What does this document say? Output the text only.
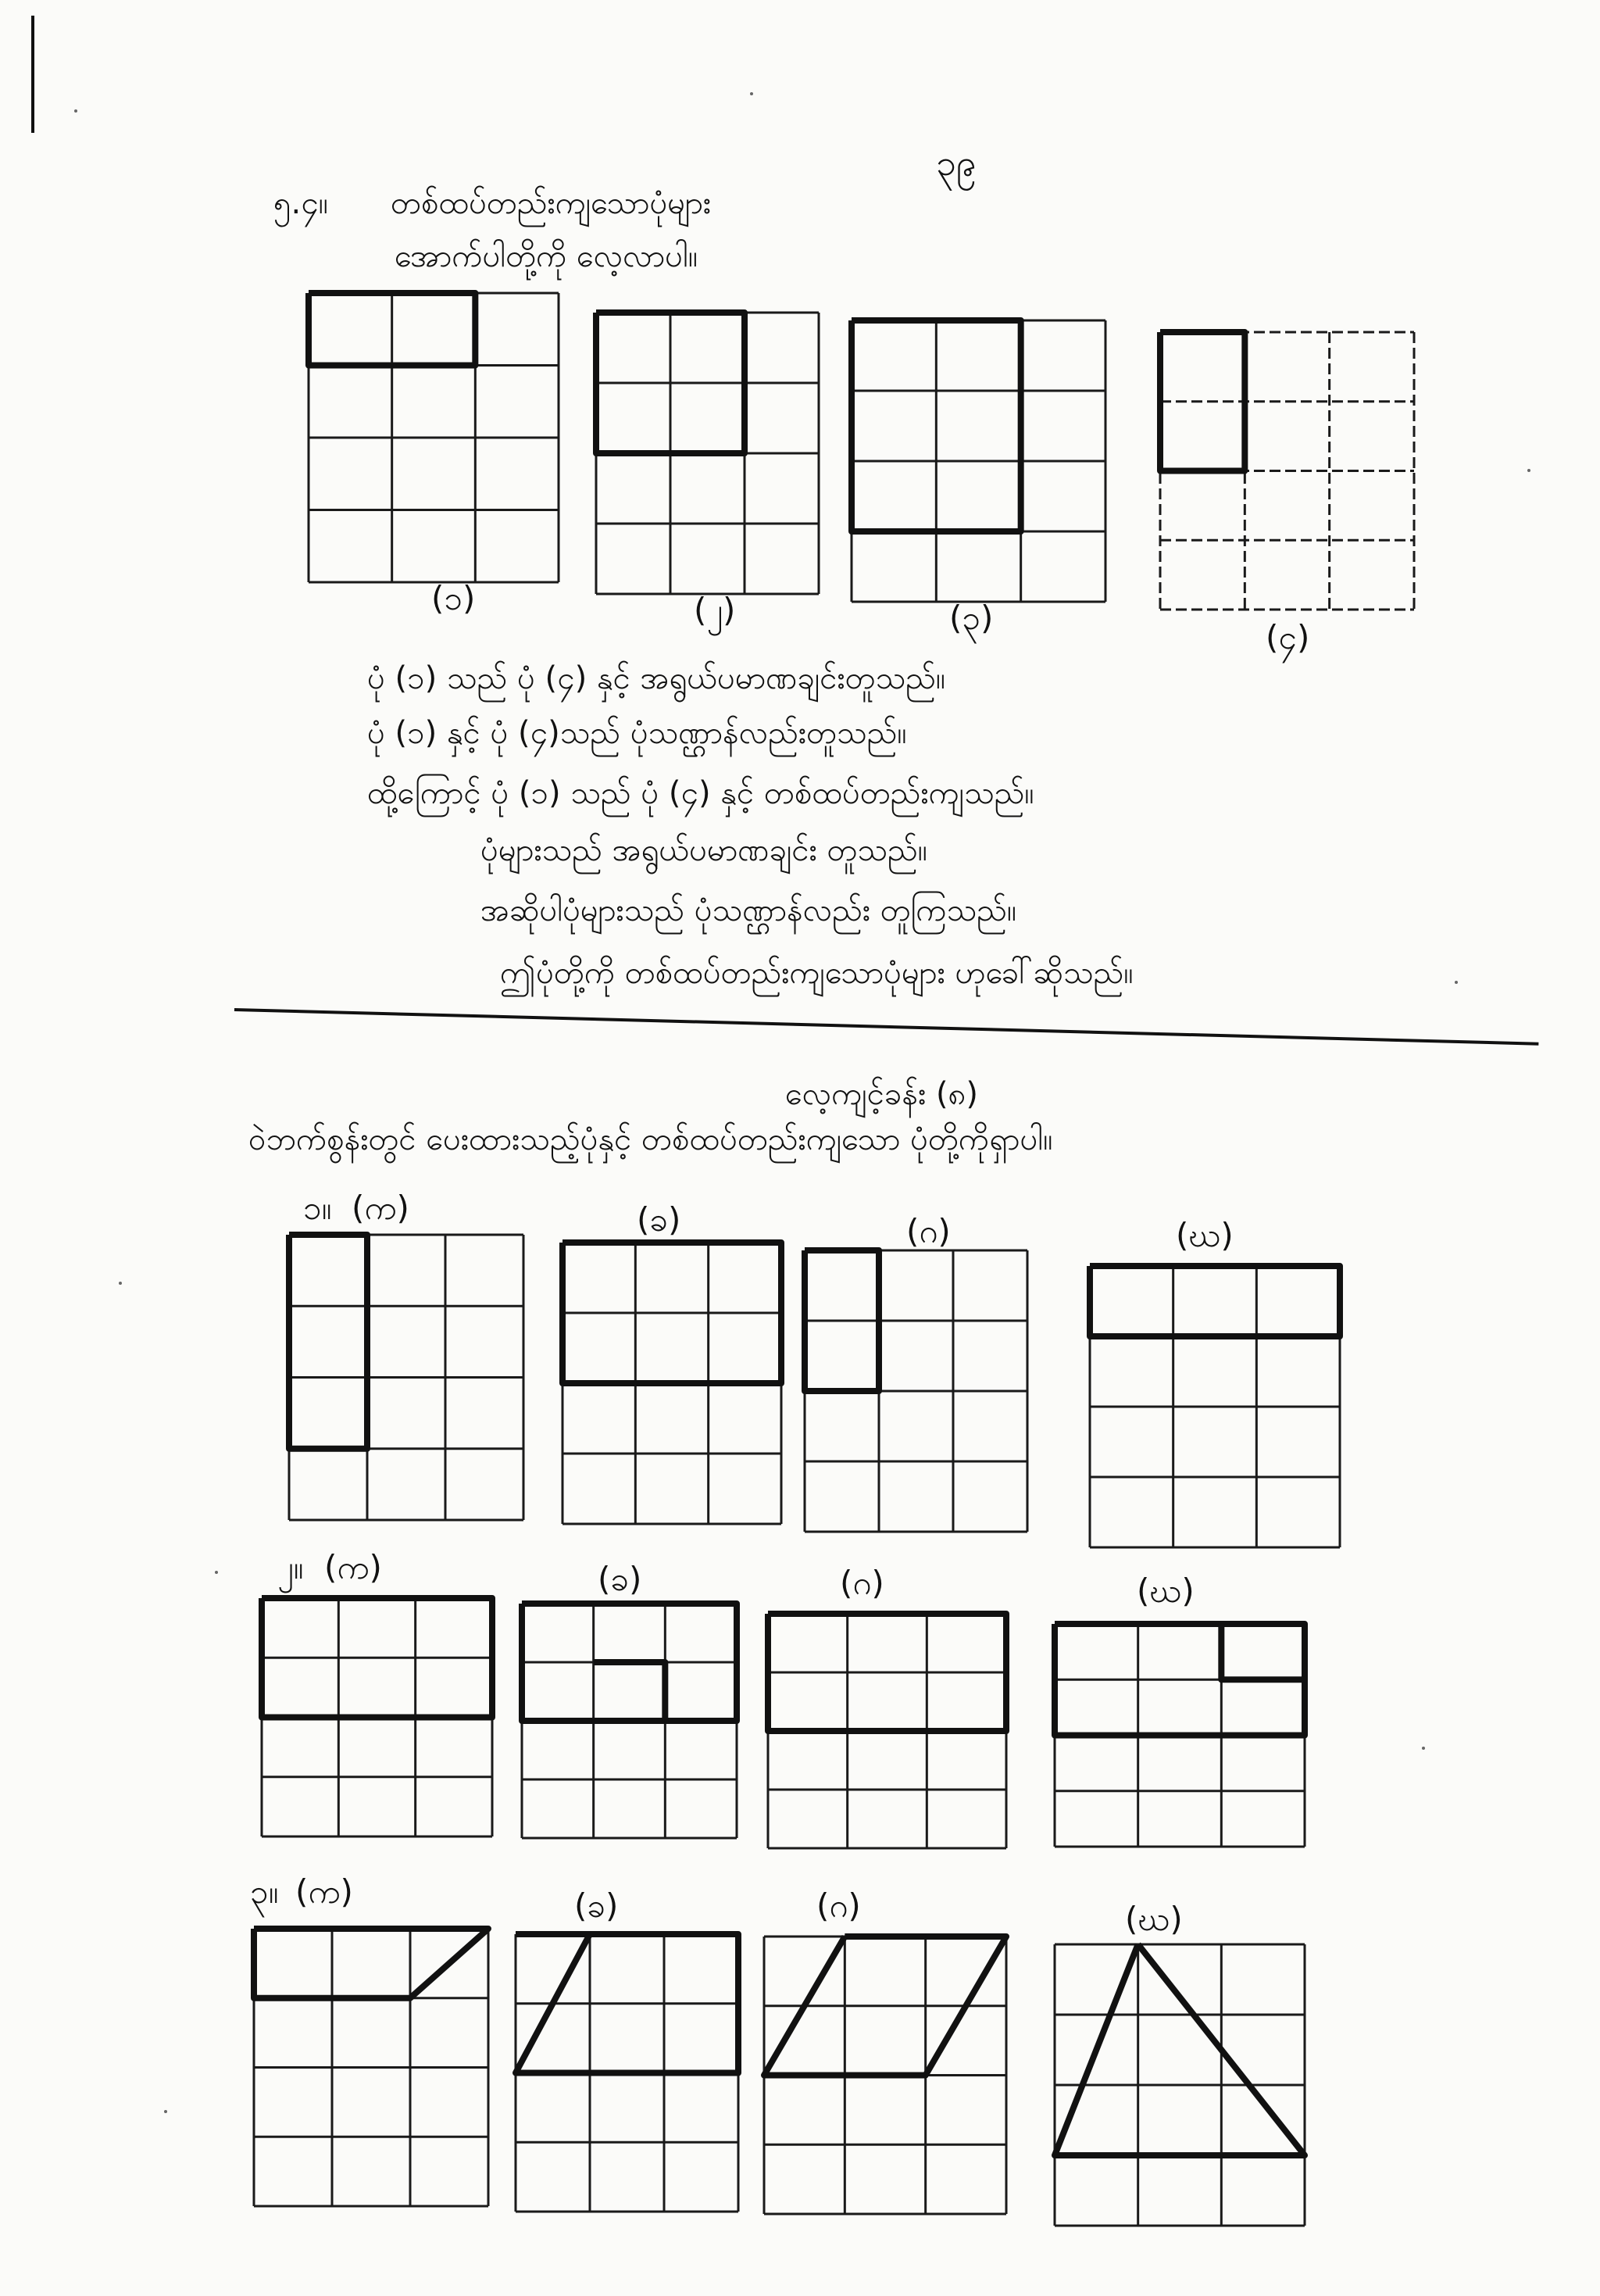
၃၉
၅.၄။ တစ်ထပ်တည်းကျသောပုံများ
အောက်ပါတို့ကို လေ့လာပါ။
(၁)	(၂)	(၃)
(၄)
ပုံ (၁) သည် ပုံ (၄) နှင့် အရွယ်ပမာဏချင်းတူသည်။
ပုံ (၁) နှင့် ပုံ (၄)သည် ပုံသဏ္ဌာန်လည်းတူသည်။
ထို့ကြောင့် ပုံ (၁) သည် ပုံ (၄) နှင့် တစ်ထပ်တည်းကျသည်။
ပုံများသည် အရွယ်ပမာဏချင်း တူသည်။
အဆိုပါပုံများသည် ပုံသဏ္ဌာန်လည်း တူကြသည်။
ဤပုံတို့ကို တစ်ထပ်တည်းကျသောပုံများ ဟုခေါ်ဆိုသည်။
လေ့ကျင့်ခန်း (၈)
ဝဲဘက်စွန်းတွင် ပေးထားသည့်ပုံနှင့် တစ်ထပ်တည်းကျသော ပုံတို့ကိုရှာပါ။
၁။ (က)	(ခ)	(ဂ)	(ဃ)
၂။ (က)	(ခ)	(ဂ)	(ဃ)
၃။ (က)	(ခ)	(ဂ)	(ဃ)
